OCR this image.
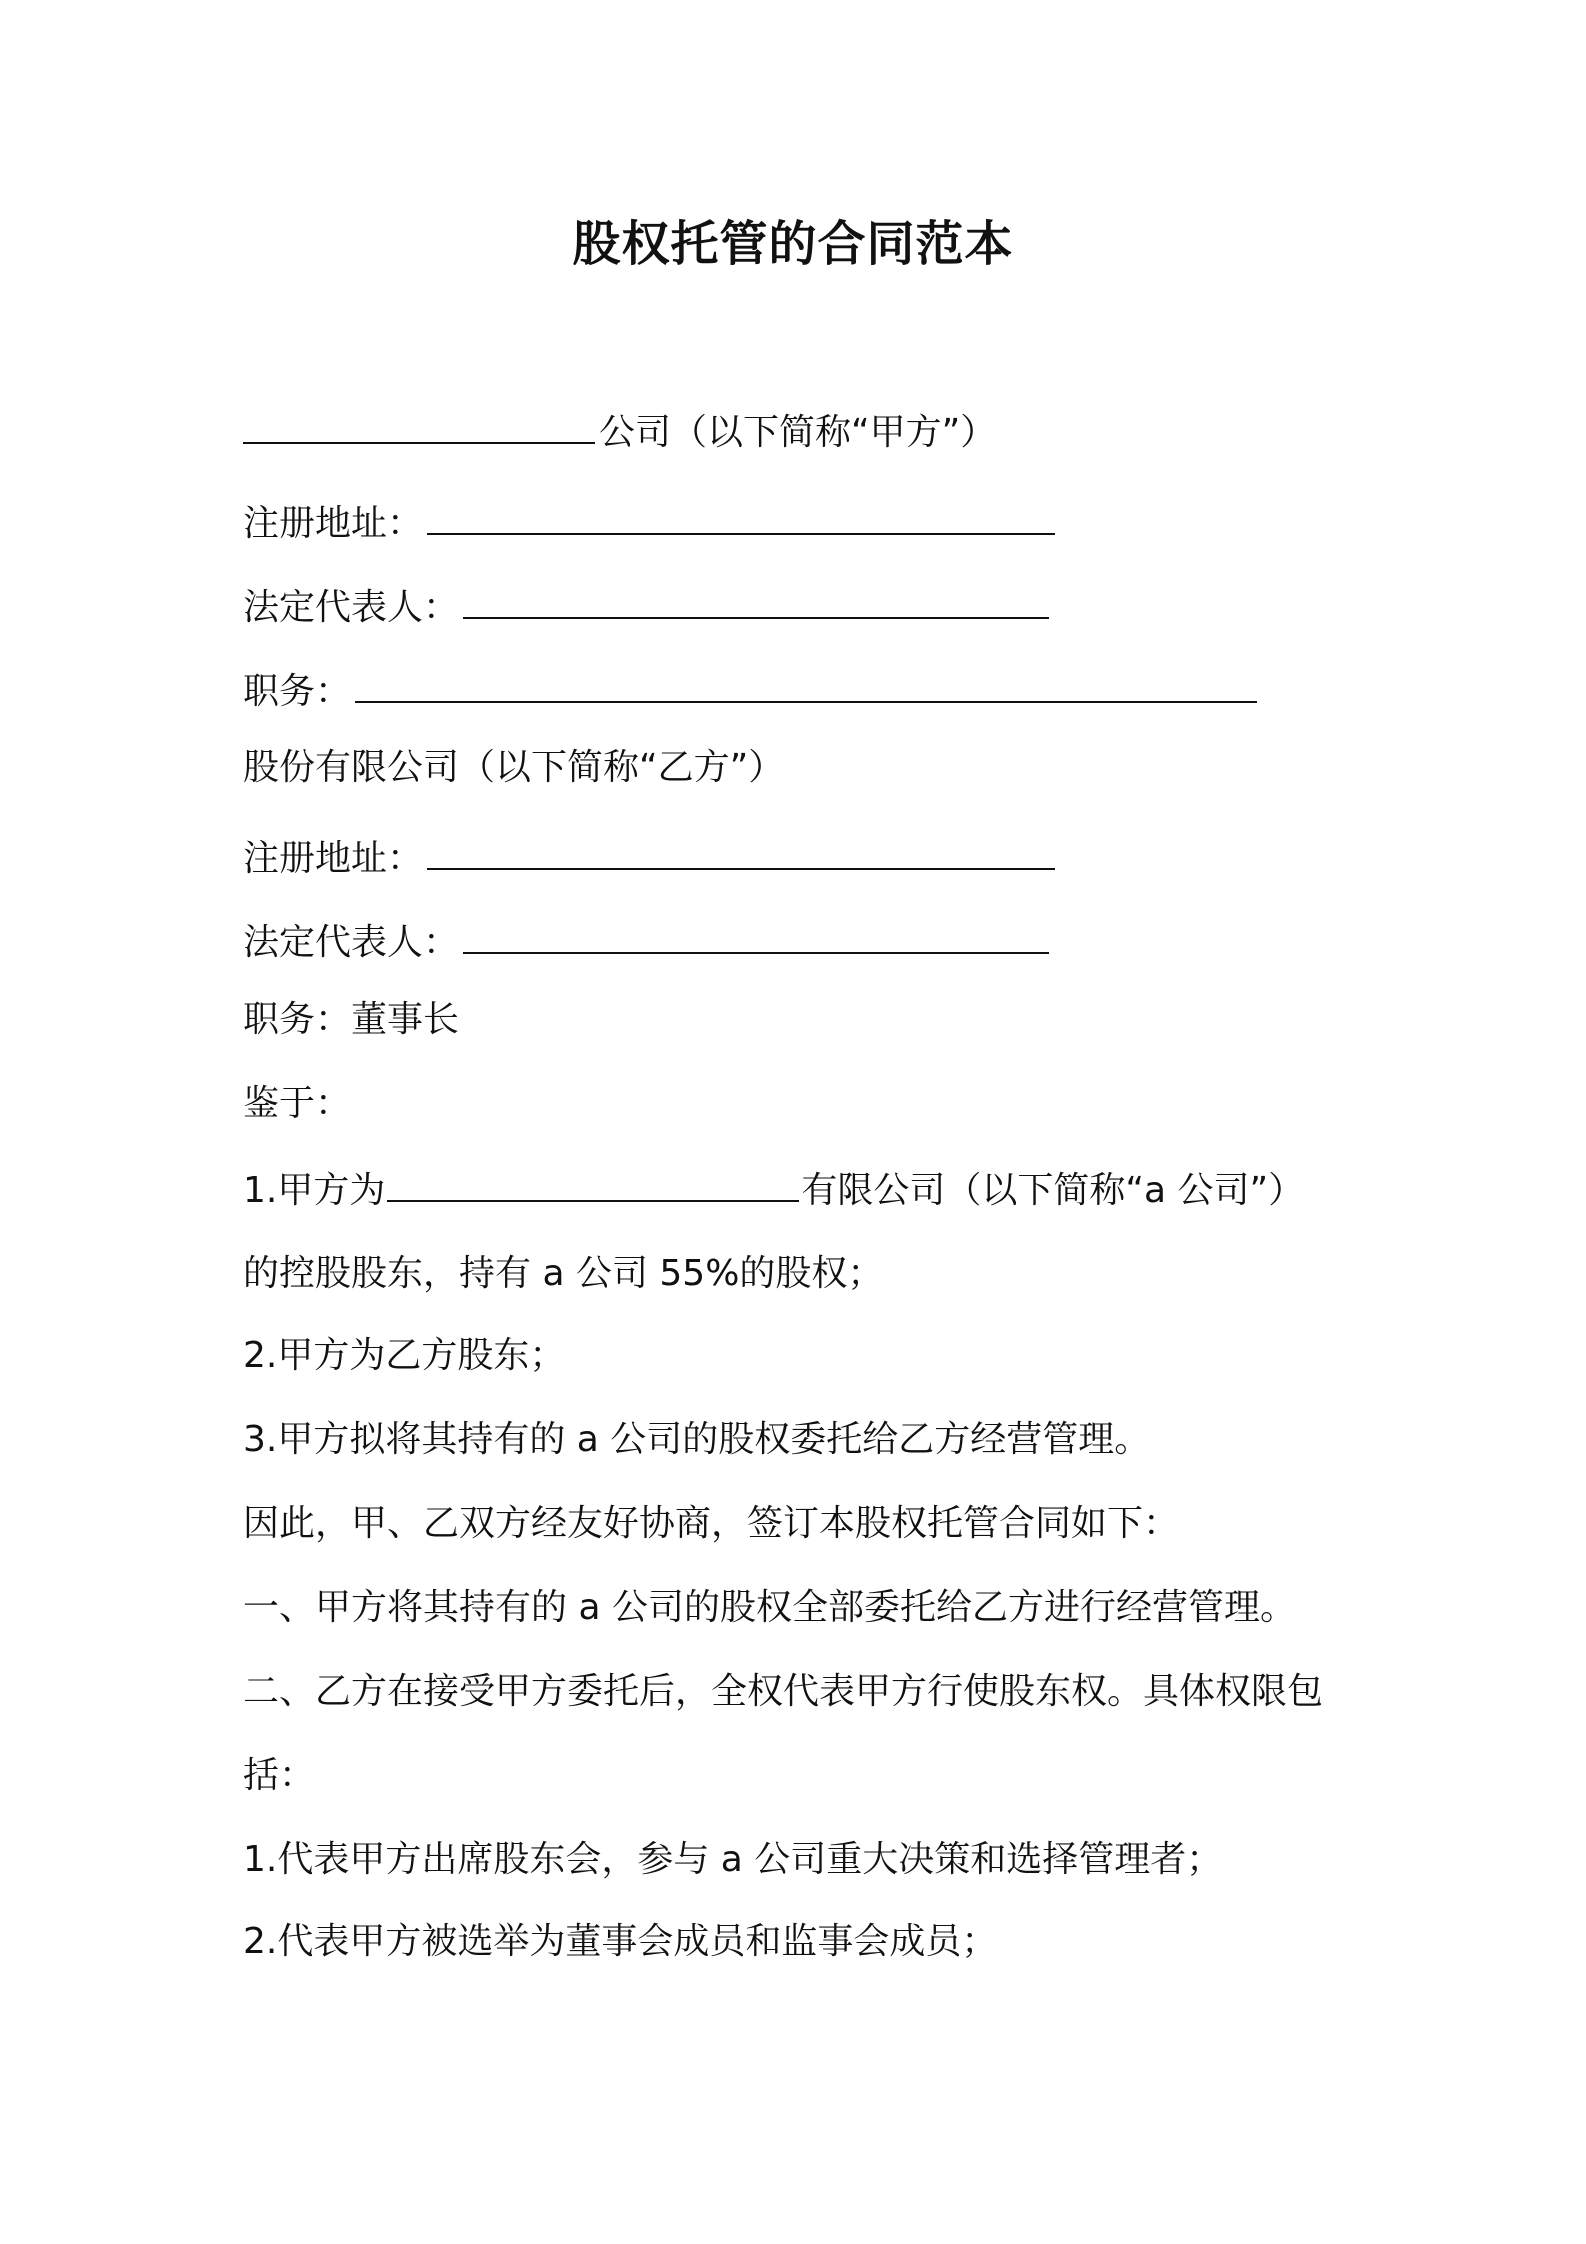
股权托管的合同范本

公司（以下简称“甲方”）

注册地址：

法定代表人：

职务：

股份有限公司（以下简称“乙方”）

注册地址：

法定代表人：

职务：董事长

鉴于：

1.甲方为	有限公司（以下简称“a 公司”）

的控股股东，持有 a 公司 55%的股权；

2.甲方为乙方股东；

3.甲方拟将其持有的 a 公司的股权委托给乙方经营管理。

因此，甲、乙双方经友好协商，签订本股权托管合同如下：

一、甲方将其持有的 a 公司的股权全部委托给乙方进行经营管理。

二、乙方在接受甲方委托后，全权代表甲方行使股东权。具体权限包

括：

1.代表甲方出席股东会，参与 a 公司重大决策和选择管理者；

2.代表甲方被选举为董事会成员和监事会成员；
